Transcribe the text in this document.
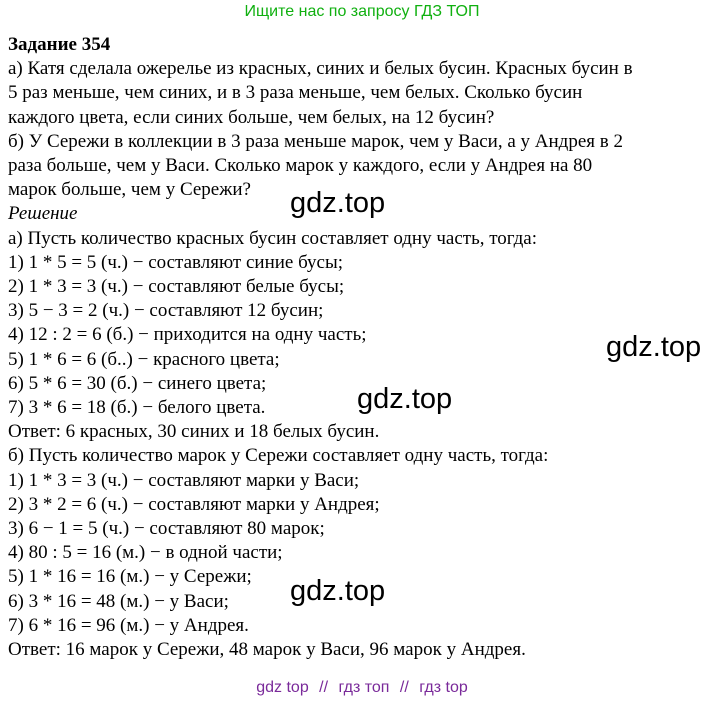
Ищите нас по запросу ГДЗ ТОП
Задание 354
а) Катя сделала ожерелье из красных, синих и белых бусин. Красных бусин в
5 раз меньше, чем синих, и в 3 раза меньше, чем белых. Сколько бусин
каждого цвета, если синих больше, чем белых, на 12 бусин?
б) У Сережи в коллекции в 3 раза меньше марок, чем у Васи, а у Андрея в 2
раза больше, чем у Васи. Сколько марок у каждого, если у Андрея на 80
марок больше, чем у Сережи?
Решение
а) Пусть количество красных бусин составляет одну часть, тогда:
1) 1 * 5 = 5 (ч.) − составляют синие бусы;
2) 1 * 3 = 3 (ч.) − составляют белые бусы;
3) 5 − 3 = 2 (ч.) − составляют 12 бусин;
4) 12 : 2 = 6 (б.) − приходится на одну часть;
5) 1 * 6 = 6 (б..) − красного цвета;
6) 5 * 6 = 30 (б.) − синего цвета;
7) 3 * 6 = 18 (б.) − белого цвета.
Ответ: 6 красных, 30 синих и 18 белых бусин.
б) Пусть количество марок у Сережи составляет одну часть, тогда:
1) 1 * 3 = 3 (ч.) − составляют марки у Васи;
2) 3 * 2 = 6 (ч.) − составляют марки у Андрея;
3) 6 − 1 = 5 (ч.) − составляют 80 марок;
4) 80 : 5 = 16 (м.) − в одной части;
5) 1 * 16 = 16 (м.) − у Сережи;
6) 3 * 16 = 48 (м.) − у Васи;
7) 6 * 16 = 96 (м.) − у Андрея.
Ответ: 16 марок у Сережи, 48 марок у Васи, 96 марок у Андрея.
gdz.top
gdz.top
gdz.top
gdz.top
gdz top // гдз топ // гдз top
